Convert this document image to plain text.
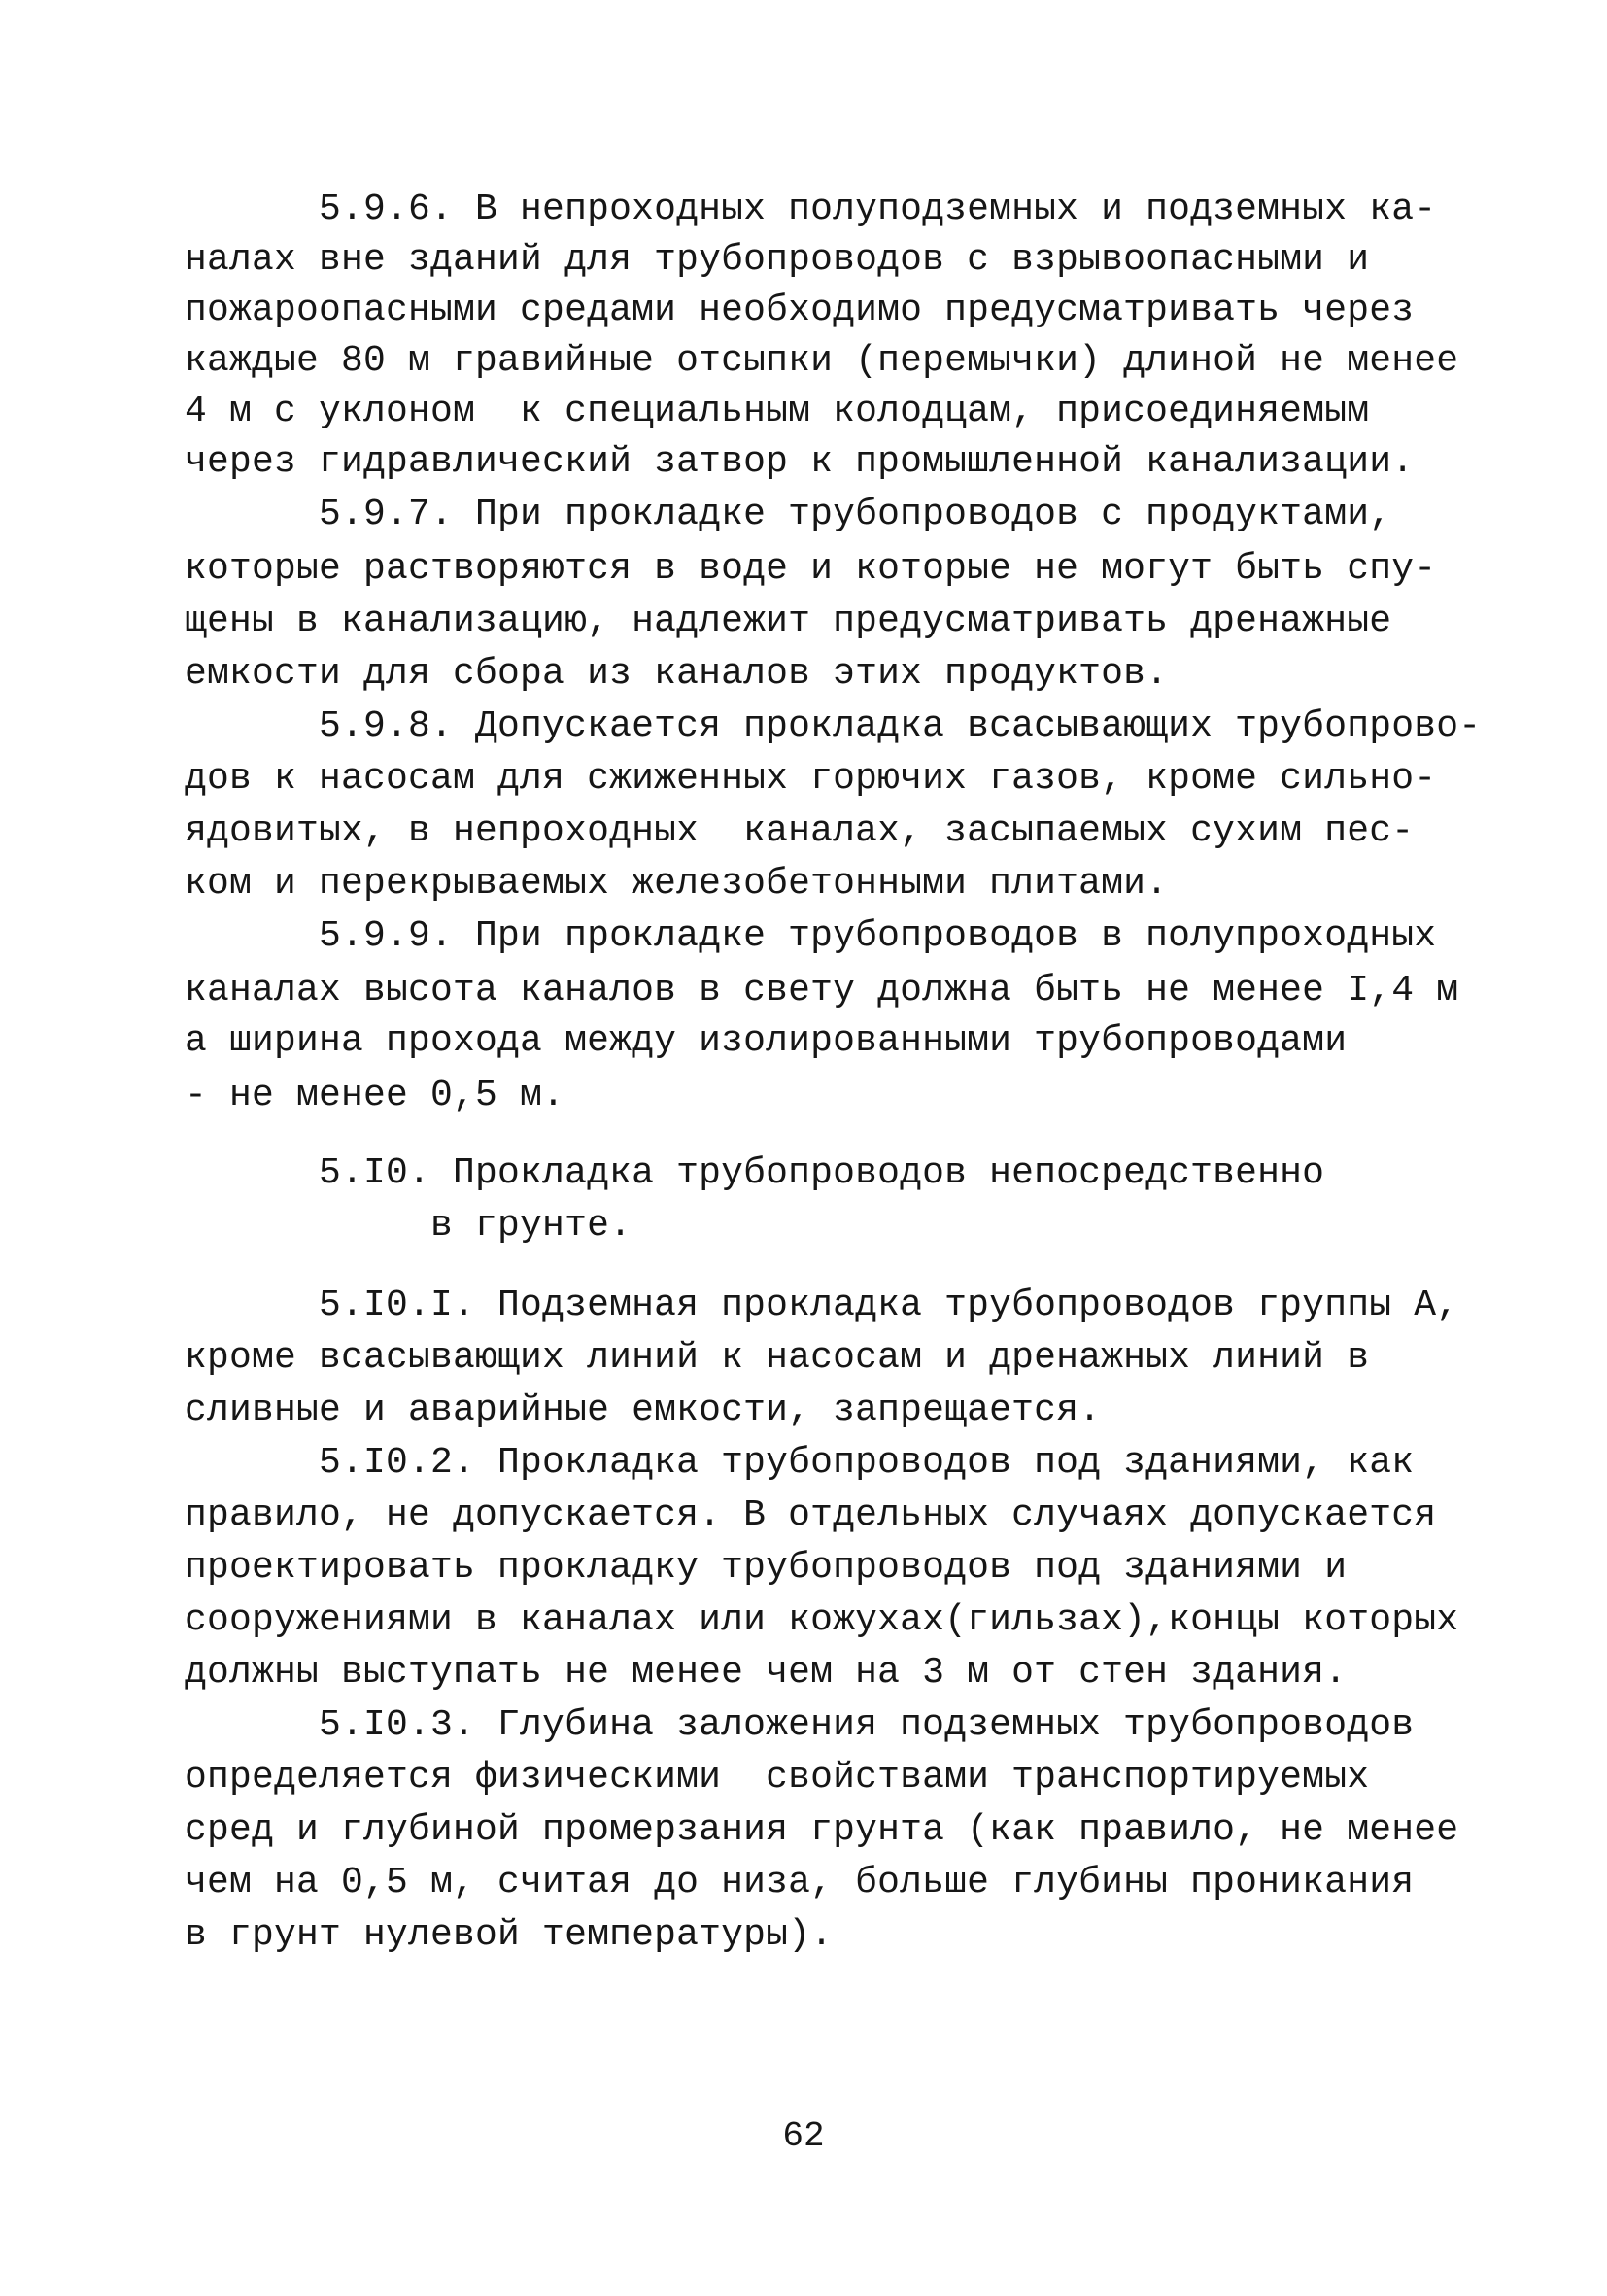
5.9.6. В непроходных полуподземных и подземных ка-
налах вне зданий для трубопроводов с взрывоопасными и
пожароопасными средами необходимо предусматривать через
каждые 80 м гравийные отсыпки (перемычки) длиной не менее
4 м с уклоном  к специальным колодцам, присоединяемым
через гидравлический затвор к промышленной канализации.
5.9.7. При прокладке трубопроводов с продуктами,
которые растворяются в воде и которые не могут быть спу-
щены в канализацию, надлежит предусматривать дренажные
емкости для сбора из каналов этих продуктов.
5.9.8. Допускается прокладка всасывающих трубопрово-
дов к насосам для сжиженных горючих газов, кроме сильно-
ядовитых, в непроходных  каналах, засыпаемых сухим пес-
ком и перекрываемых железобетонными плитами.
5.9.9. При прокладке трубопроводов в полупроходных
каналах высота каналов в свету должна быть не менее I,4 м
а ширина прохода между изолированными трубопроводами
- не менее 0,5 м.
5.I0. Прокладка трубопроводов непосредственно
в грунте.
5.I0.I. Подземная прокладка трубопроводов группы А,
кроме всасывающих линий к насосам и дренажных линий в
сливные и аварийные емкости, запрещается.
5.I0.2. Прокладка трубопроводов под зданиями, как
правило, не допускается. В отдельных случаях допускается
проектировать прокладку трубопроводов под зданиями и
сооружениями в каналах или кожухах(гильзах),концы которых
должны выступать не менее чем на 3 м от стен здания.
5.I0.3. Глубина заложения подземных трубопроводов
определяется физическими  свойствами транспортируемых
сред и глубиной промерзания грунта (как правило, не менее
чем на 0,5 м, считая до низа, больше глубины проникания
в грунт нулевой температуры).
62
